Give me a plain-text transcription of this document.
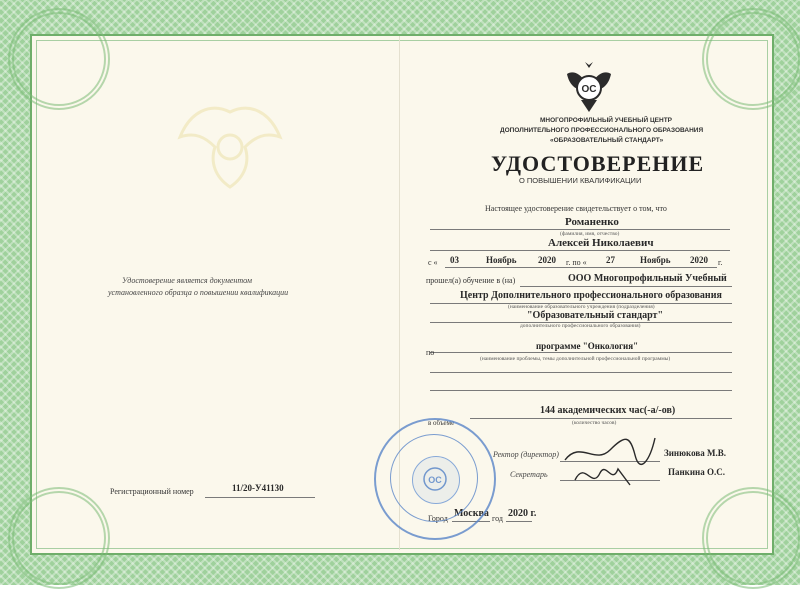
Удостоверение является документом
установленного образца о повышении квалификации
Регистрационный номер	11/20-У41130
ОС
МНОГОПРОФИЛЬНЫЙ УЧЕБНЫЙ ЦЕНТР
ДОПОЛНИТЕЛЬНОГО ПРОФЕССИОНАЛЬНОГО ОБРАЗОВАНИЯ
«ОБРАЗОВАТЕЛЬНЫЙ СТАНДАРТ»
УДОСТОВЕРЕНИЕ
О ПОВЫШЕНИИ КВАЛИФИКАЦИИ
Настоящее удостоверение свидетельствует о том, что
Романенко
(фамилия, имя, отчество)
Алексей Николаевич
с « 03	Ноябрь 2020 г. по « 27	Ноябрь 2020 г.
прошел(а) обучение в (на)	ООО Многопрофильный Учебный
Центр Дополнительного профессионального образования
(наименование образовательного учреждения (подразделения)
"Образовательный стандарт"
дополнительного профессионального образования)
программе "Онкология"
по
(наименование проблемы, темы дополнительной профессиональной программы)
144 академических час(-а/-ов)
в объеме	(количество часов)
Ректор (директор)	Зинюкова М.В.
Секретарь	Панкина О.С.
Город Москва год 2020 г.
ОС
